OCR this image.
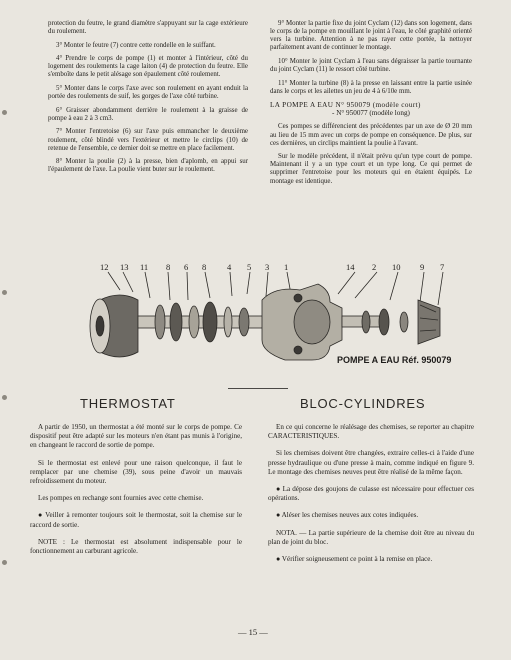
protection du feutre, le grand diamètre s'appuyant sur la cage extérieure du roulement.

3° Monter le feutre (7) contre cette rondelle en le suiffant.

4° Prendre le corps de pompe (1) et monter à l'intérieur, côté du logement des roulements la cage laiton (4) de protection du feutre. Elle s'emboîte dans le petit alésage son épaulement côté roulement.

5° Monter dans le corps l'axe avec son roulement en ayant enduit la portée des roulements de suif, les gorges de l'axe côté turbine.

6° Graisser abondamment derrière le roulement à la graisse de pompe à eau 2 à 3 cm3.

7° Monter l'entretoise (6) sur l'axe puis emmancher le deuxième roulement, côté blindé vers l'extérieur et mettre le circlips (10) de retenue de l'ensemble, ce dernier doit se mettre en place facilement.

8° Monter la poulie (2) à la presse, bien d'aplomb, en appui sur l'épaulement de l'axe. La poulie vient buter sur le roulement.

9° Monter la partie fixe du joint Cyclam (12) dans son logement, dans le corps de la pompe en mouillant le joint à l'eau, le côté graphité orienté vers la turbine. Attention à ne pas rayer cette portée, la nettoyer parfaitement avant de continuer le montage.

10° Monter le joint Cyclam à l'eau sans dégraisser la partie tournante du joint Cyclam (11) le ressort côté turbine.

11° Monter la turbine (8) à la presse en laissant entre la partie usinée dans le corps et les ailettes un jeu de 4 à 6/10e mm.

LA POMPE A EAU N° 950079 (modèle court)
- N° 950077 (modèle long)

Ces pompes se différencient des précédentes par un axe de Ø 20 mm au lieu de 15 mm avec un corps de pompe en conséquence. De plus, sur ces dernières, un circlips maintient la poulie à l'avant.

Sur le modèle précédent, il n'était prévu qu'un type court de pompe. Maintenant il y a un type court et un type long. Ce qui permet de supprimer l'entretoise pour les moteurs qui en étaient équipés. Le montage est identique.

12 13 11 8 6 8 4 5 3 1	14 2 10 9 7
POMPE A EAU Réf. 950079
THERMOSTAT	BLOC-CYLINDRES

A partir de 1950, un thermostat a été monté sur le corps de pompe. Ce dispositif peut être adapté sur les moteurs n'en étant pas munis à l'origine, en changeant le raccord de sortie de pompe.

Si le thermostat est enlevé pour une raison quelconque, il faut le remplacer par une chemise (39), sous peine d'avoir un mauvais refroidissement du moteur.

Les pompes en rechange sont fournies avec cette chemise.

● Veiller à remonter toujours soit le thermostat, soit la chemise sur le raccord de sortie.

NOTE : Le thermostat est absolument indispensable pour le fonctionnement au carburant agricole.

En ce qui concerne le réalésage des chemises, se reporter au chapitre CARACTERISTIQUES.

Si les chemises doivent être changées, extraire celles-ci à l'aide d'une presse hydraulique ou d'une presse à main, comme indiqué en figure 9. Le montage des chemises neuves peut être réalisé de la même façon.

● La dépose des goujons de culasse est nécessaire pour effectuer ces opérations.

● Aléser les chemises neuves aux cotes indiquées.

NOTA. — La partie supérieure de la chemise doit être au niveau du plan de joint du bloc.

● Vérifier soigneusement ce point à la remise en place.

— 15 —
